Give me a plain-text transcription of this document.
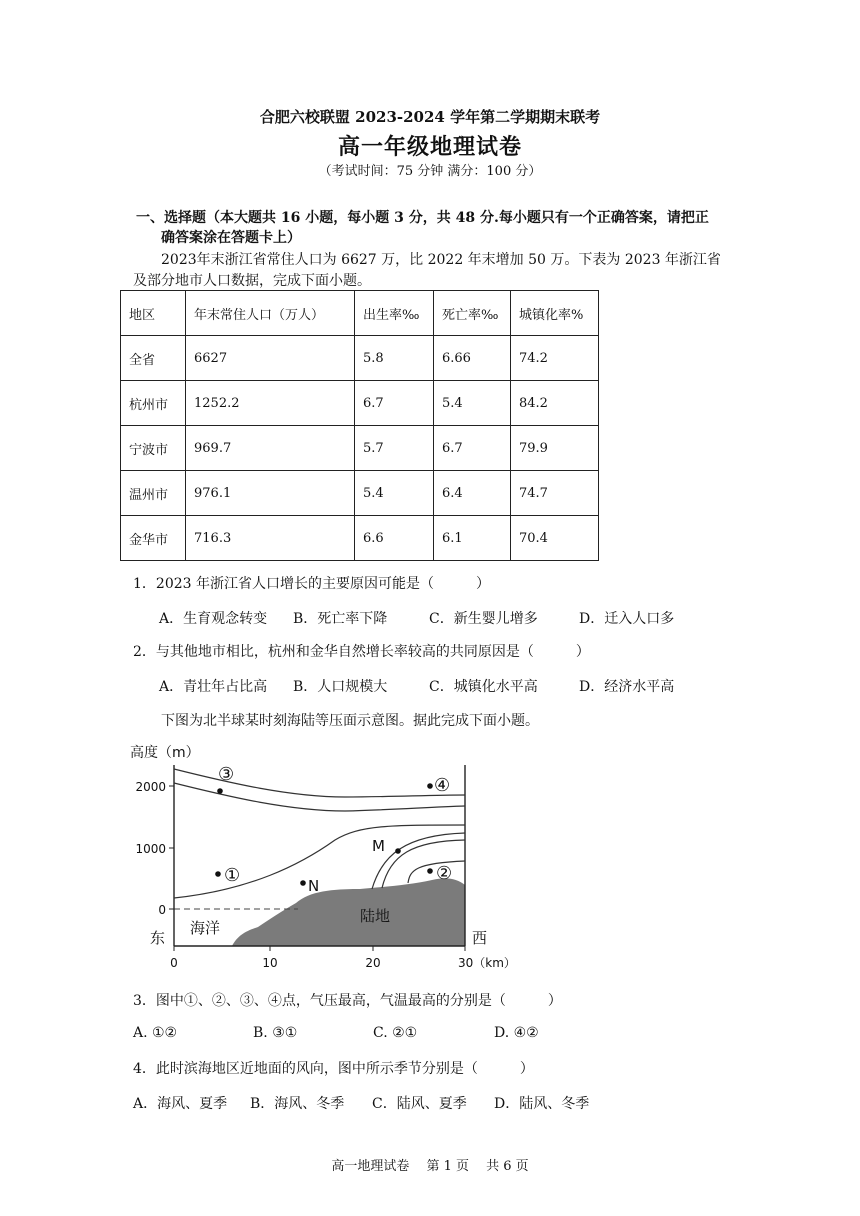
合肥六校联盟 2023-2024 学年第二学期期末联考
高一年级地理试卷
（考试时间：75 分钟 满分：100 分）
一、选择题（本大题共 16 小题，每小题 3 分，共 48 分.每小题只有一个正确答案，请把正
确答案涂在答题卡上）
2023年末浙江省常住人口为 6627 万，比 2022 年末增加 50 万。下表为 2023 年浙江省
及部分地市人口数据，完成下面小题。
地区	年末常住人口（万人）	出生率‰	死亡率‰	城镇化率%
全省	6627	5.8	6.66	74.2
杭州市	1252.2	6.7	5.4	84.2
宁波市	969.7	5.7	6.7	79.9
温州市	976.1	5.4	6.4	74.7
金华市	716.3	6.6	6.1	70.4
1．2023 年浙江省人口增长的主要原因可能是（　　　）
A．生育观念转变 B．死亡率下降	C．新生婴儿增多	D．迁入人口多
2．与其他地市相比，杭州和金华自然增长率较高的共同原因是（　　　）
A．青壮年占比高 B．人口规模大	C．城镇化水平高	D．经济水平高
下图为北半球某时刻海陆等压面示意图。据此完成下面小题。
高度（m）
2000
1000
0
0	10	20	30（km）
东	西
海洋
陆地
③
④
①	②
M
N
3．图中①、②、③、④点，气压最高，气温最高的分别是（　　　）
A. ①②	B. ③①	C. ②①	D. ④②
4．此时滨海地区近地面的风向，图中所示季节分别是（　　　）
A．海风、夏季 B．海风、冬季 C．陆风、夏季 D．陆风、冬季
高一地理试卷　 第 1 页　 共 6 页
